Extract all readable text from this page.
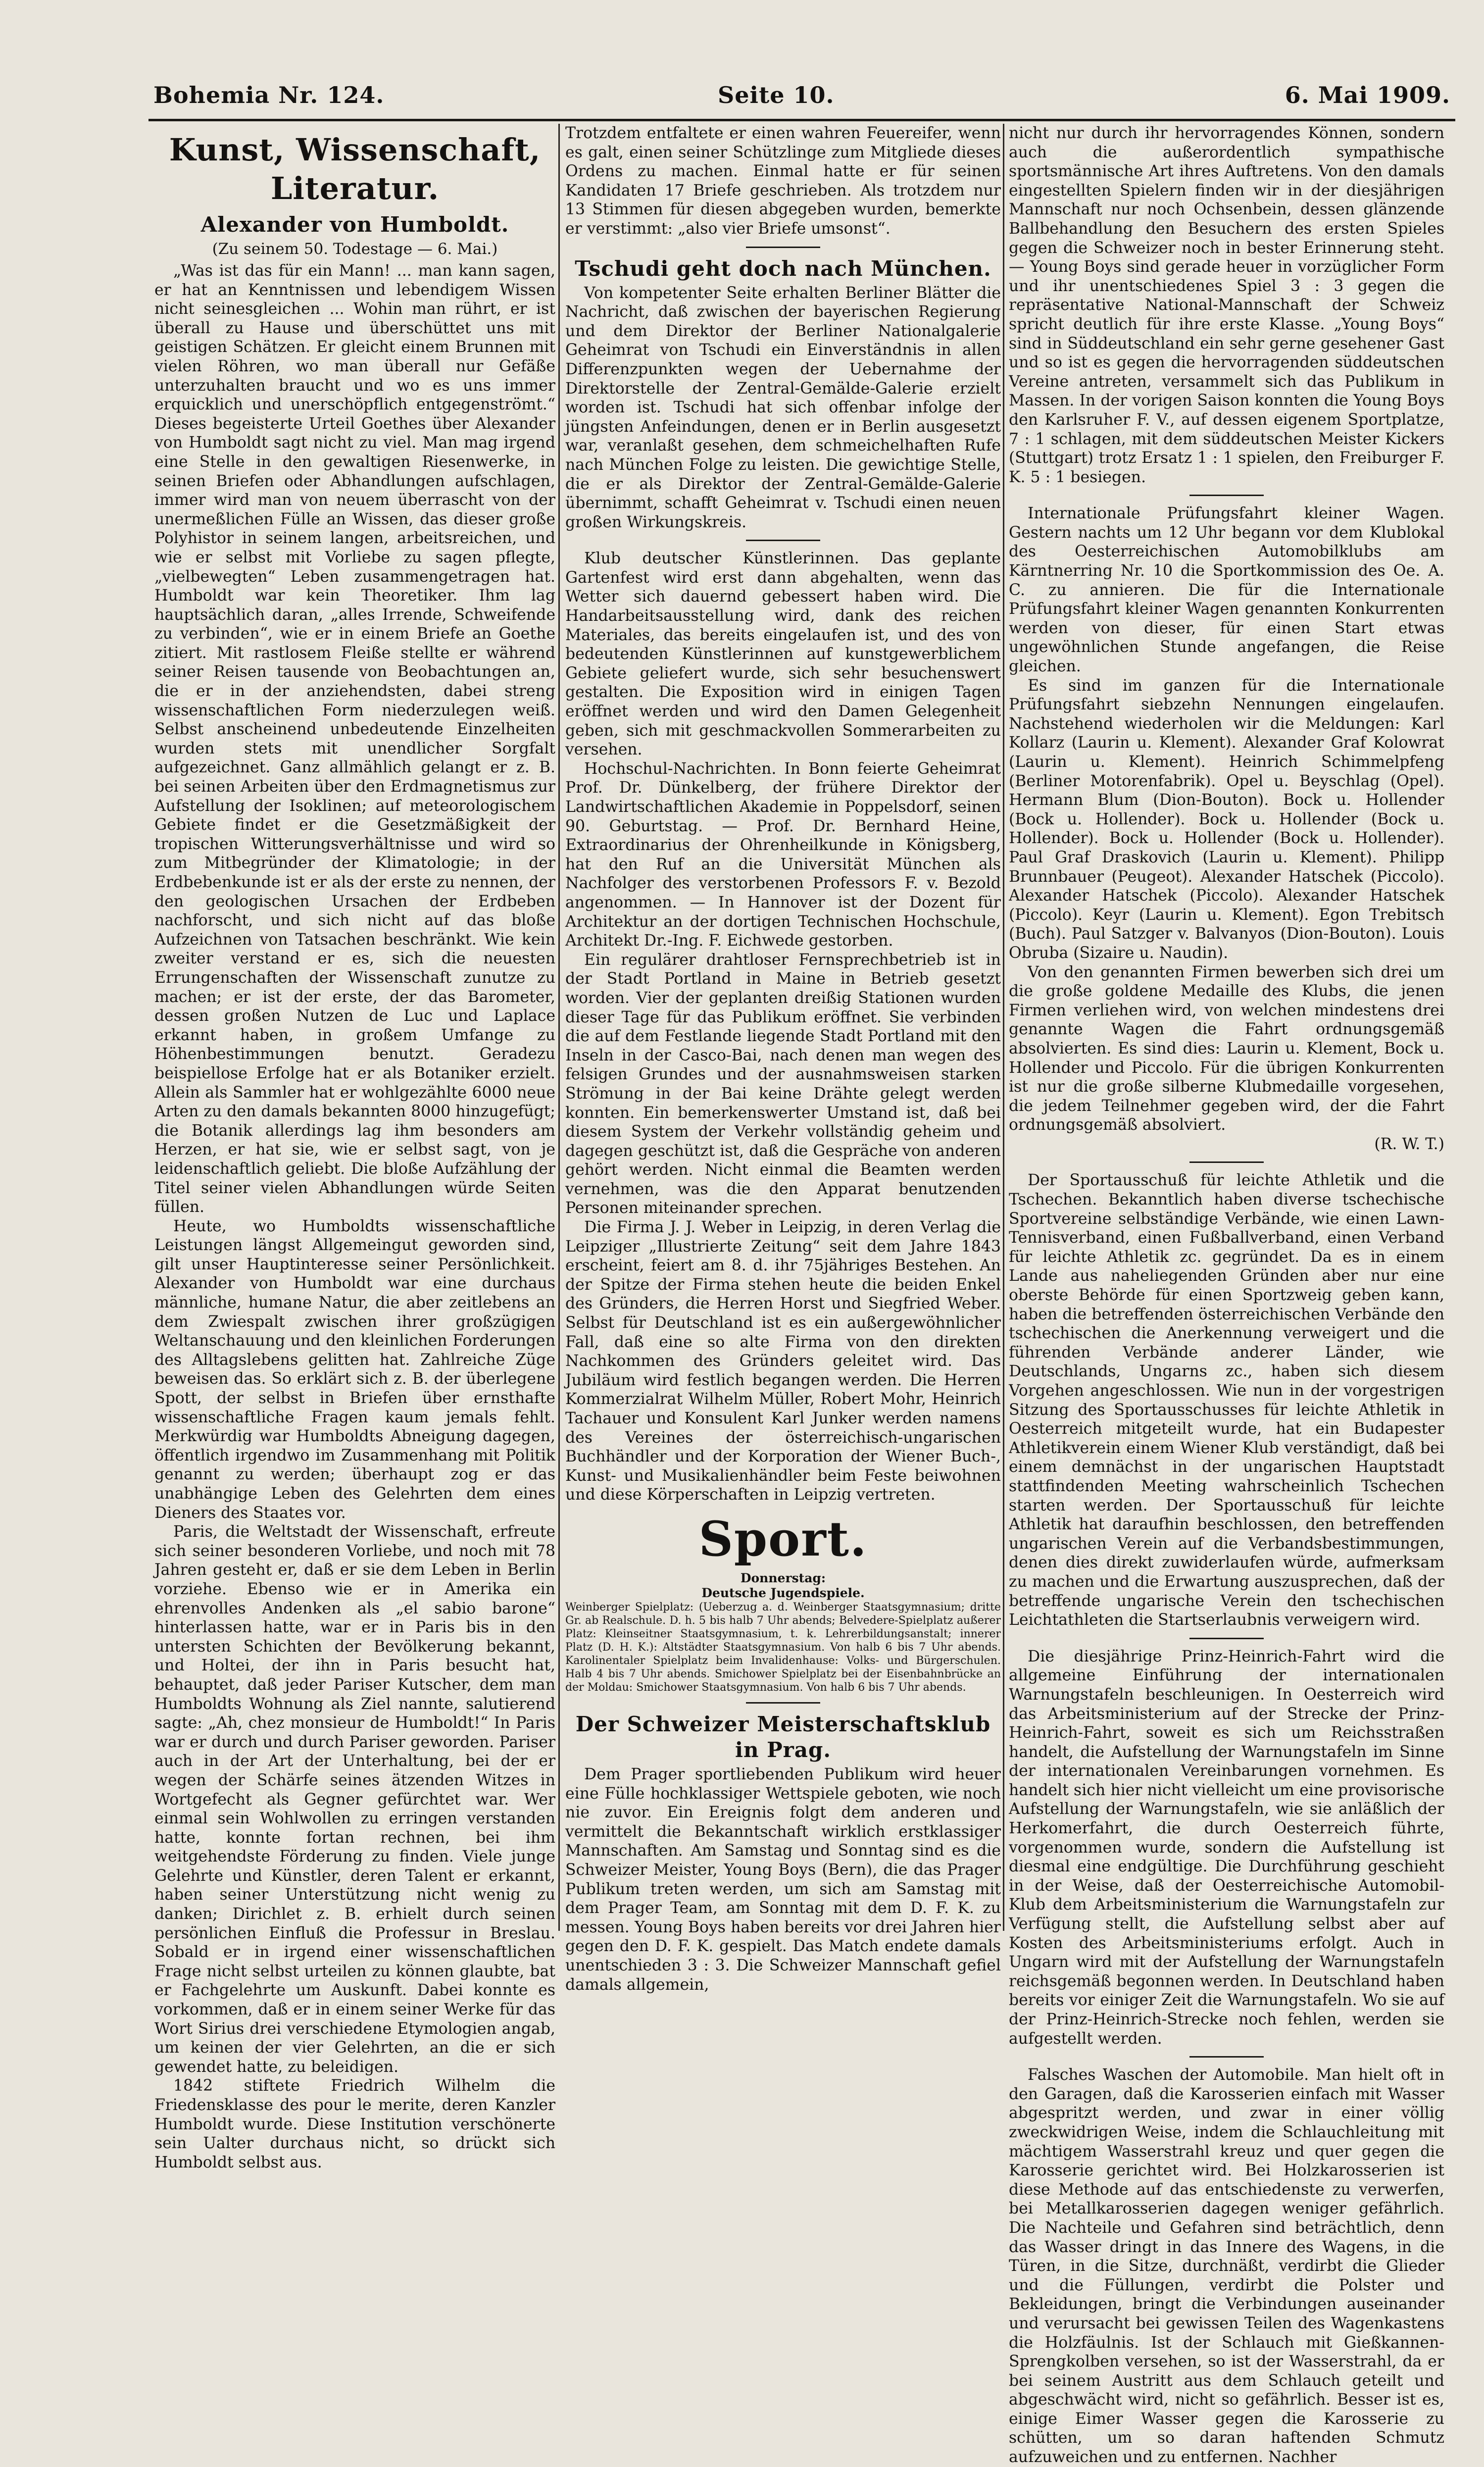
Bohemia Nr. 124.	Seite 10.	6. Mai 1909.
Kunst, Wissenschaft, Literatur.
Alexander von Humboldt.
(Zu seinem 50. Todestage — 6. Mai.)

„Was ist das für ein Mann! ... man kann sagen, er hat an Kenntnissen und lebendigem Wissen nicht seinesgleichen ... Wohin man rührt, er ist überall zu Hause und überschüttet uns mit geistigen Schätzen. Er gleicht einem Brunnen mit vielen Röhren, wo man überall nur Gefäße unterzuhalten braucht und wo es uns immer erquicklich und unerschöpflich entgegenströmt.“ Dieses begeisterte Urteil Goethes über Alexander von Humboldt sagt nicht zu viel. Man mag irgend eine Stelle in den gewaltigen Riesenwerke, in seinen Briefen oder Abhandlungen aufschlagen, immer wird man von neuem überrascht von der unermeßlichen Fülle an Wissen, das dieser große Polyhistor in seinem langen, arbeitsreichen, und wie er selbst mit Vorliebe zu sagen pflegte, „vielbewegten“ Leben zusammengetragen hat. Humboldt war kein Theoretiker. Ihm lag hauptsächlich daran, „alles Irrende, Schweifende zu verbinden“, wie er in einem Briefe an Goethe zitiert. Mit rastlosem Fleiße stellte er während seiner Reisen tausende von Beobachtungen an, die er in der anziehendsten, dabei streng wissenschaftlichen Form niederzulegen weiß. Selbst anscheinend unbedeutende Einzelheiten wurden stets mit unendlicher Sorgfalt aufgezeichnet. Ganz allmählich gelangt er z. B. bei seinen Arbeiten über den Erdmagnetismus zur Aufstellung der Isoklinen; auf meteorologischem Gebiete findet er die Gesetzmäßigkeit der tropischen Witterungsverhältnisse und wird so zum Mitbegründer der Klimatologie; in der Erdbebenkunde ist er als der erste zu nennen, der den geologischen Ursachen der Erdbeben nachforscht, und sich nicht auf das bloße Aufzeichnen von Tatsachen beschränkt. Wie kein zweiter verstand er es, sich die neuesten Errungenschaften der Wissenschaft zunutze zu machen; er ist der erste, der das Barometer, dessen großen Nutzen de Luc und Laplace erkannt haben, in großem Umfange zu Höhenbestimmungen benutzt. Geradezu beispiellose Erfolge hat er als Botaniker erzielt. Allein als Sammler hat er wohlgezählte 6000 neue Arten zu den damals bekannten 8000 hinzugefügt; die Botanik allerdings lag ihm besonders am Herzen, er hat sie, wie er selbst sagt, von je leidenschaftlich geliebt. Die bloße Aufzählung der Titel seiner vielen Abhandlungen würde Seiten füllen.

Heute, wo Humboldts wissenschaftliche Leistungen längst Allgemeingut geworden sind, gilt unser Hauptinteresse seiner Persönlichkeit. Alexander von Humboldt war eine durchaus männliche, humane Natur, die aber zeitlebens an dem Zwiespalt zwischen ihrer großzügigen Weltanschauung und den kleinlichen Forderungen des Alltagslebens gelitten hat. Zahlreiche Züge beweisen das. So erklärt sich z. B. der überlegene Spott, der selbst in Briefen über ernsthafte wissenschaftliche Fragen kaum jemals fehlt. Merkwürdig war Humboldts Abneigung dagegen, öffentlich irgendwo im Zusammenhang mit Politik genannt zu werden; überhaupt zog er das unabhängige Leben des Gelehrten dem eines Dieners des Staates vor.

Paris, die Weltstadt der Wissenschaft, erfreute sich seiner besonderen Vorliebe, und noch mit 78 Jahren gesteht er, daß er sie dem Leben in Berlin vorziehe. Ebenso wie er in Amerika ein ehrenvolles Andenken als „el sabio barone“ hinterlassen hatte, war er in Paris bis in den untersten Schichten der Bevölkerung bekannt, und Holtei, der ihn in Paris besucht hat, behauptet, daß jeder Pariser Kutscher, dem man Humboldts Wohnung als Ziel nannte, salutierend sagte: „Ah, chez monsieur de Humboldt!“ In Paris war er durch und durch Pariser geworden. Pariser auch in der Art der Unterhaltung, bei der er wegen der Schärfe seines ätzenden Witzes in Wortgefecht als Gegner gefürchtet war. Wer einmal sein Wohlwollen zu erringen verstanden hatte, konnte fortan rechnen, bei ihm weitgehendste Förderung zu finden. Viele junge Gelehrte und Künstler, deren Talent er erkannt, haben seiner Unterstützung nicht wenig zu danken; Dirichlet z. B. erhielt durch seinen persönlichen Einfluß die Professur in Breslau. Sobald er in irgend einer wissenschaftlichen Frage nicht selbst urteilen zu können glaubte, bat er Fachgelehrte um Auskunft. Dabei konnte es vorkommen, daß er in einem seiner Werke für das Wort Sirius drei verschiedene Etymologien angab, um keinen der vier Gelehrten, an die er sich gewendet hatte, zu beleidigen.

1842 stiftete Friedrich Wilhelm die Friedensklasse des pour le merite, deren Kanzler Humboldt wurde. Diese Institution verschönerte sein Ualter durchaus nicht, so drückt sich Humboldt selbst aus.

Trotzdem entfaltete er einen wahren Feuereifer, wenn es galt, einen seiner Schützlinge zum Mitgliede dieses Ordens zu machen. Einmal hatte er für seinen Kandidaten 17 Briefe geschrieben. Als trotzdem nur 13 Stimmen für diesen abgegeben wurden, bemerkte er verstimmt: „also vier Briefe umsonst“.

Tschudi geht doch nach München.

Von kompetenter Seite erhalten Berliner Blätter die Nachricht, daß zwischen der bayerischen Regierung und dem Direktor der Berliner Nationalgalerie Geheimrat von Tschudi ein Einverständnis in allen Differenzpunkten wegen der Uebernahme der Direktorstelle der Zentral-Gemälde-Galerie erzielt worden ist. Tschudi hat sich offenbar infolge der jüngsten Anfeindungen, denen er in Berlin ausgesetzt war, veranlaßt gesehen, dem schmeichelhaften Rufe nach München Folge zu leisten. Die gewichtige Stelle, die er als Direktor der Zentral-Gemälde-Galerie übernimmt, schafft Geheimrat v. Tschudi einen neuen großen Wirkungskreis.

Klub deutscher Künstlerinnen. Das geplante Gartenfest wird erst dann abgehalten, wenn das Wetter sich dauernd gebessert haben wird. Die Handarbeitsausstellung wird, dank des reichen Materiales, das bereits eingelaufen ist, und des von bedeutenden Künstlerinnen auf kunstgewerblichem Gebiete geliefert wurde, sich sehr besuchenswert gestalten. Die Exposition wird in einigen Tagen eröffnet werden und wird den Damen Gelegenheit geben, sich mit geschmackvollen Sommerarbeiten zu versehen.

Hochschul-Nachrichten. In Bonn feierte Geheimrat Prof. Dr. Dünkelberg, der frühere Direktor der Landwirtschaftlichen Akademie in Poppelsdorf, seinen 90. Geburtstag. — Prof. Dr. Bernhard Heine, Extraordinarius der Ohrenheilkunde in Königsberg, hat den Ruf an die Universität München als Nachfolger des verstorbenen Professors F. v. Bezold angenommen. — In Hannover ist der Dozent für Architektur an der dortigen Technischen Hochschule, Architekt Dr.-Ing. F. Eichwede gestorben.

Ein regulärer drahtloser Fernsprechbetrieb ist in der Stadt Portland in Maine in Betrieb gesetzt worden. Vier der geplanten dreißig Stationen wurden dieser Tage für das Publikum eröffnet. Sie verbinden die auf dem Festlande liegende Stadt Portland mit den Inseln in der Casco-Bai, nach denen man wegen des felsigen Grundes und der ausnahmsweisen starken Strömung in der Bai keine Drähte gelegt werden konnten. Ein bemerkenswerter Umstand ist, daß bei diesem System der Verkehr vollständig geheim und dagegen geschützt ist, daß die Gespräche von anderen gehört werden. Nicht einmal die Beamten werden vernehmen, was die den Apparat benutzenden Personen miteinander sprechen.

Die Firma J. J. Weber in Leipzig, in deren Verlag die Leipziger „Illustrierte Zeitung“ seit dem Jahre 1843 erscheint, feiert am 8. d. ihr 75jähriges Bestehen. An der Spitze der Firma stehen heute die beiden Enkel des Gründers, die Herren Horst und Siegfried Weber. Selbst für Deutschland ist es ein außergewöhnlicher Fall, daß eine so alte Firma von den direkten Nachkommen des Gründers geleitet wird. Das Jubiläum wird festlich begangen werden. Die Herren Kommerzialrat Wilhelm Müller, Robert Mohr, Heinrich Tachauer und Konsulent Karl Junker werden namens des Vereines der österreichisch-ungarischen Buchhändler und der Korporation der Wiener Buch-, Kunst- und Musikalienhändler beim Feste beiwohnen und diese Körperschaften in Leipzig vertreten.

Sport.
Donnerstag:
Deutsche Jugendspiele.
Weinberger Spielplatz: (Ueberzug a. d. Weinberger Staatsgymnasium; dritte Gr. ab Realschule. D. h. 5 bis halb 7 Uhr abends; Belvedere-Spielplatz außerer Platz: Kleinseitner Staatsgymnasium, t. k. Lehrerbildungsanstalt; innerer Platz (D. H. K.): Altstädter Staatsgymnasium. Von halb 6 bis 7 Uhr abends. Karolinentaler Spielplatz beim Invalidenhause: Volks- und Bürgerschulen. Halb 4 bis 7 Uhr abends. Smichower Spielplatz bei der Eisenbahnbrücke an der Moldau: Smichower Staatsgymnasium. Von halb 6 bis 7 Uhr abends.
Der Schweizer Meisterschaftsklub in Prag.

Dem Prager sportliebenden Publikum wird heuer eine Fülle hochklassiger Wettspiele geboten, wie noch nie zuvor. Ein Ereignis folgt dem anderen und vermittelt die Bekanntschaft wirklich erstklassiger Mannschaften. Am Samstag und Sonntag sind es die Schweizer Meister, Young Boys (Bern), die das Prager Publikum treten werden, um sich am Samstag mit dem Prager Team, am Sonntag mit dem D. F. K. zu messen. Young Boys haben bereits vor drei Jahren hier gegen den D. F. K. gespielt. Das Match endete damals unentschieden 3 : 3. Die Schweizer Mannschaft gefiel damals allgemein,

nicht nur durch ihr hervorragendes Können, sondern auch die außerordentlich sympathische sportsmännische Art ihres Auftretens. Von den damals eingestellten Spielern finden wir in der diesjährigen Mannschaft nur noch Ochsenbein, dessen glänzende Ballbehandlung den Besuchern des ersten Spieles gegen die Schweizer noch in bester Erinnerung steht. — Young Boys sind gerade heuer in vorzüglicher Form und ihr unentschiedenes Spiel 3 : 3 gegen die repräsentative National-Mannschaft der Schweiz spricht deutlich für ihre erste Klasse. „Young Boys“ sind in Süddeutschland ein sehr gerne gesehener Gast und so ist es gegen die hervorragenden süddeutschen Vereine antreten, versammelt sich das Publikum in Massen. In der vorigen Saison konnten die Young Boys den Karlsruher F. V., auf dessen eigenem Sportplatze, 7 : 1 schlagen, mit dem süddeutschen Meister Kickers (Stuttgart) trotz Ersatz 1 : 1 spielen, den Freiburger F. K. 5 : 1 besiegen.

Internationale Prüfungsfahrt kleiner Wagen. Gestern nachts um 12 Uhr begann vor dem Klublokal des Oesterreichischen Automobilklubs am Kärntnerring Nr. 10 die Sportkommission des Oe. A. C. zu annieren. Die für die Internationale Prüfungsfahrt kleiner Wagen genannten Konkurrenten werden von dieser, für einen Start etwas ungewöhnlichen Stunde angefangen, die Reise gleichen.

Es sind im ganzen für die Internationale Prüfungsfahrt siebzehn Nennungen eingelaufen. Nachstehend wiederholen wir die Meldungen: Karl Kollarz (Laurin u. Klement). Alexander Graf Kolowrat (Laurin u. Klement). Heinrich Schimmelpfeng (Berliner Motorenfabrik). Opel u. Beyschlag (Opel). Hermann Blum (Dion-Bouton). Bock u. Hollender (Bock u. Hollender). Bock u. Hollender (Bock u. Hollender). Bock u. Hollender (Bock u. Hollender). Paul Graf Draskovich (Laurin u. Klement). Philipp Brunnbauer (Peugeot). Alexander Hatschek (Piccolo). Alexander Hatschek (Piccolo). Alexander Hatschek (Piccolo). Keyr (Laurin u. Klement). Egon Trebitsch (Buch). Paul Satzger v. Balvanyos (Dion-Bouton). Louis Obruba (Sizaire u. Naudin).

Von den genannten Firmen bewerben sich drei um die große goldene Medaille des Klubs, die jenen Firmen verliehen wird, von welchen mindestens drei genannte Wagen die Fahrt ordnungsgemäß absolvierten. Es sind dies: Laurin u. Klement, Bock u. Hollender und Piccolo. Für die übrigen Konkurrenten ist nur die große silberne Klubmedaille vorgesehen, die jedem Teilnehmer gegeben wird, der die Fahrt ordnungsgemäß absolviert.

(R. W. T.)

Der Sportausschuß für leichte Athletik und die Tschechen. Bekanntlich haben diverse tschechische Sportvereine selbständige Verbände, wie einen Lawn-Tennisverband, einen Fußballverband, einen Verband für leichte Athletik zc. gegründet. Da es in einem Lande aus naheliegenden Gründen aber nur eine oberste Behörde für einen Sportzweig geben kann, haben die betreffenden österreichischen Verbände den tschechischen die Anerkennung verweigert und die führenden Verbände anderer Länder, wie Deutschlands, Ungarns zc., haben sich diesem Vorgehen angeschlossen. Wie nun in der vorgestrigen Sitzung des Sportausschusses für leichte Athletik in Oesterreich mitgeteilt wurde, hat ein Budapester Athletikverein einem Wiener Klub verständigt, daß bei einem demnächst in der ungarischen Hauptstadt stattfindenden Meeting wahrscheinlich Tschechen starten werden. Der Sportausschuß für leichte Athletik hat daraufhin beschlossen, den betreffenden ungarischen Verein auf die Verbandsbestimmungen, denen dies direkt zuwiderlaufen würde, aufmerksam zu machen und die Erwartung auszusprechen, daß der betreffende ungarische Verein den tschechischen Leichtathleten die Startserlaubnis verweigern wird.

Die diesjährige Prinz-Heinrich-Fahrt wird die allgemeine Einführung der internationalen Warnungstafeln beschleunigen. In Oesterreich wird das Arbeitsministerium auf der Strecke der Prinz-Heinrich-Fahrt, soweit es sich um Reichsstraßen handelt, die Aufstellung der Warnungstafeln im Sinne der internationalen Vereinbarungen vornehmen. Es handelt sich hier nicht vielleicht um eine provisorische Aufstellung der Warnungstafeln, wie sie anläßlich der Herkomerfahrt, die durch Oesterreich führte, vorgenommen wurde, sondern die Aufstellung ist diesmal eine endgültige. Die Durchführung geschieht in der Weise, daß der Oesterreichische Automobil-Klub dem Arbeitsministerium die Warnungstafeln zur Verfügung stellt, die Aufstellung selbst aber auf Kosten des Arbeitsministeriums erfolgt. Auch in Ungarn wird mit der Aufstellung der Warnungstafeln reichsgemäß begonnen werden. In Deutschland haben bereits vor einiger Zeit die Warnungstafeln. Wo sie auf der Prinz-Heinrich-Strecke noch fehlen, werden sie aufgestellt werden.

Falsches Waschen der Automobile. Man hielt oft in den Garagen, daß die Karosserien einfach mit Wasser abgespritzt werden, und zwar in einer völlig zweckwidrigen Weise, indem die Schlauchleitung mit mächtigem Wasserstrahl kreuz und quer gegen die Karosserie gerichtet wird. Bei Holzkarosserien ist diese Methode auf das entschiedenste zu verwerfen, bei Metallkarosserien dagegen weniger gefährlich. Die Nachteile und Gefahren sind beträchtlich, denn das Wasser dringt in das Innere des Wagens, in die Türen, in die Sitze, durchnäßt, verdirbt die Glieder und die Füllungen, verdirbt die Polster und Bekleidungen, bringt die Verbindungen auseinander und verursacht bei gewissen Teilen des Wagenkastens die Holzfäulnis. Ist der Schlauch mit Gießkannen-Sprengkolben versehen, so ist der Wasserstrahl, da er bei seinem Austritt aus dem Schlauch geteilt und abgeschwächt wird, nicht so gefährlich. Besser ist es, einige Eimer Wasser gegen die Karosserie zu schütten, um so daran haftenden Schmutz aufzuweichen und zu entfernen. Nachher
